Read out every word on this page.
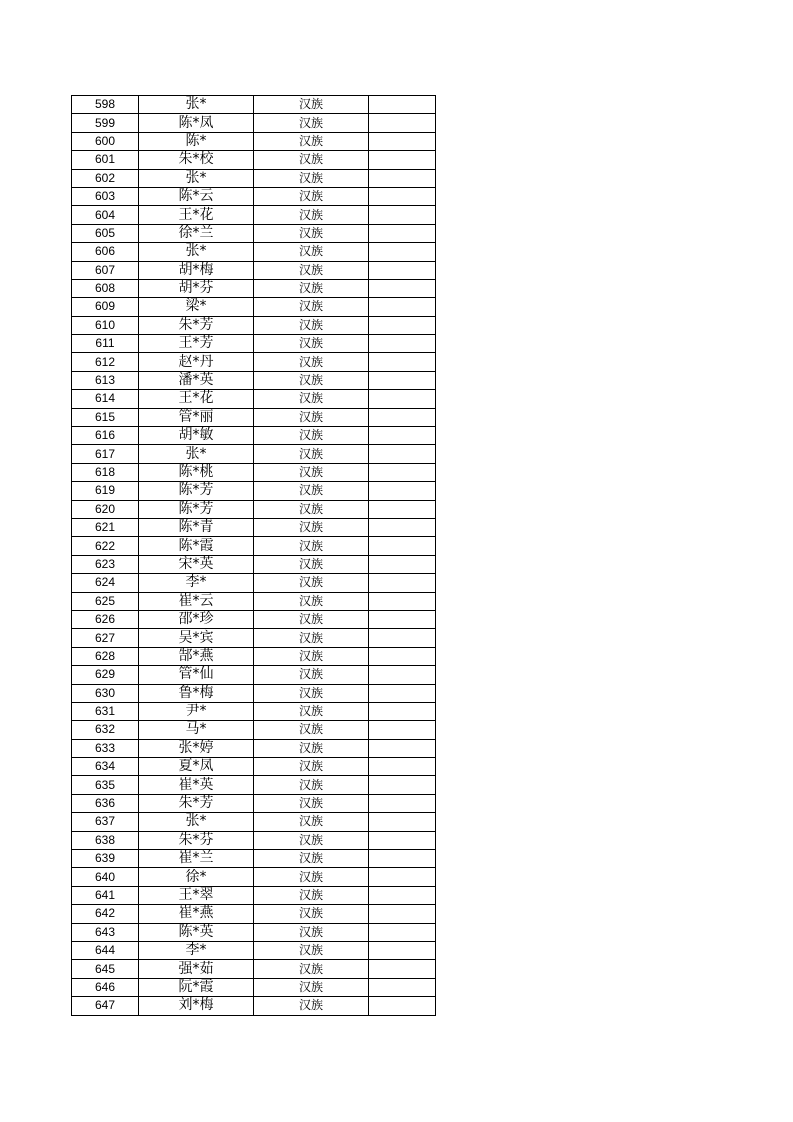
598	张*	汉族	
599	陈*凤	汉族	
600	陈*	汉族	
601	朱*校	汉族	
602	张*	汉族	
603	陈*云	汉族	
604	王*花	汉族	
605	徐*兰	汉族	
606	张*	汉族	
607	胡*梅	汉族	
608	胡*芬	汉族	
609	梁*	汉族	
610	朱*芳	汉族	
611	王*芳	汉族	
612	赵*丹	汉族	
613	潘*英	汉族	
614	王*花	汉族	
615	管*丽	汉族	
616	胡*敏	汉族	
617	张*	汉族	
618	陈*桃	汉族	
619	陈*芳	汉族	
620	陈*芳	汉族	
621	陈*青	汉族	
622	陈*霞	汉族	
623	宋*英	汉族	
624	李*	汉族	
625	崔*云	汉族	
626	邵*珍	汉族	
627	吴*宾	汉族	
628	郜*燕	汉族	
629	管*仙	汉族	
630	鲁*梅	汉族	
631	尹*	汉族	
632	马*	汉族	
633	张*婷	汉族	
634	夏*凤	汉族	
635	崔*英	汉族	
636	朱*芳	汉族	
637	张*	汉族	
638	朱*芬	汉族	
639	崔*兰	汉族	
640	徐*	汉族	
641	王*翠	汉族	
642	崔*燕	汉族	
643	陈*英	汉族	
644	李*	汉族	
645	强*茹	汉族	
646	阮*霞	汉族	
647	刘*梅	汉族	
